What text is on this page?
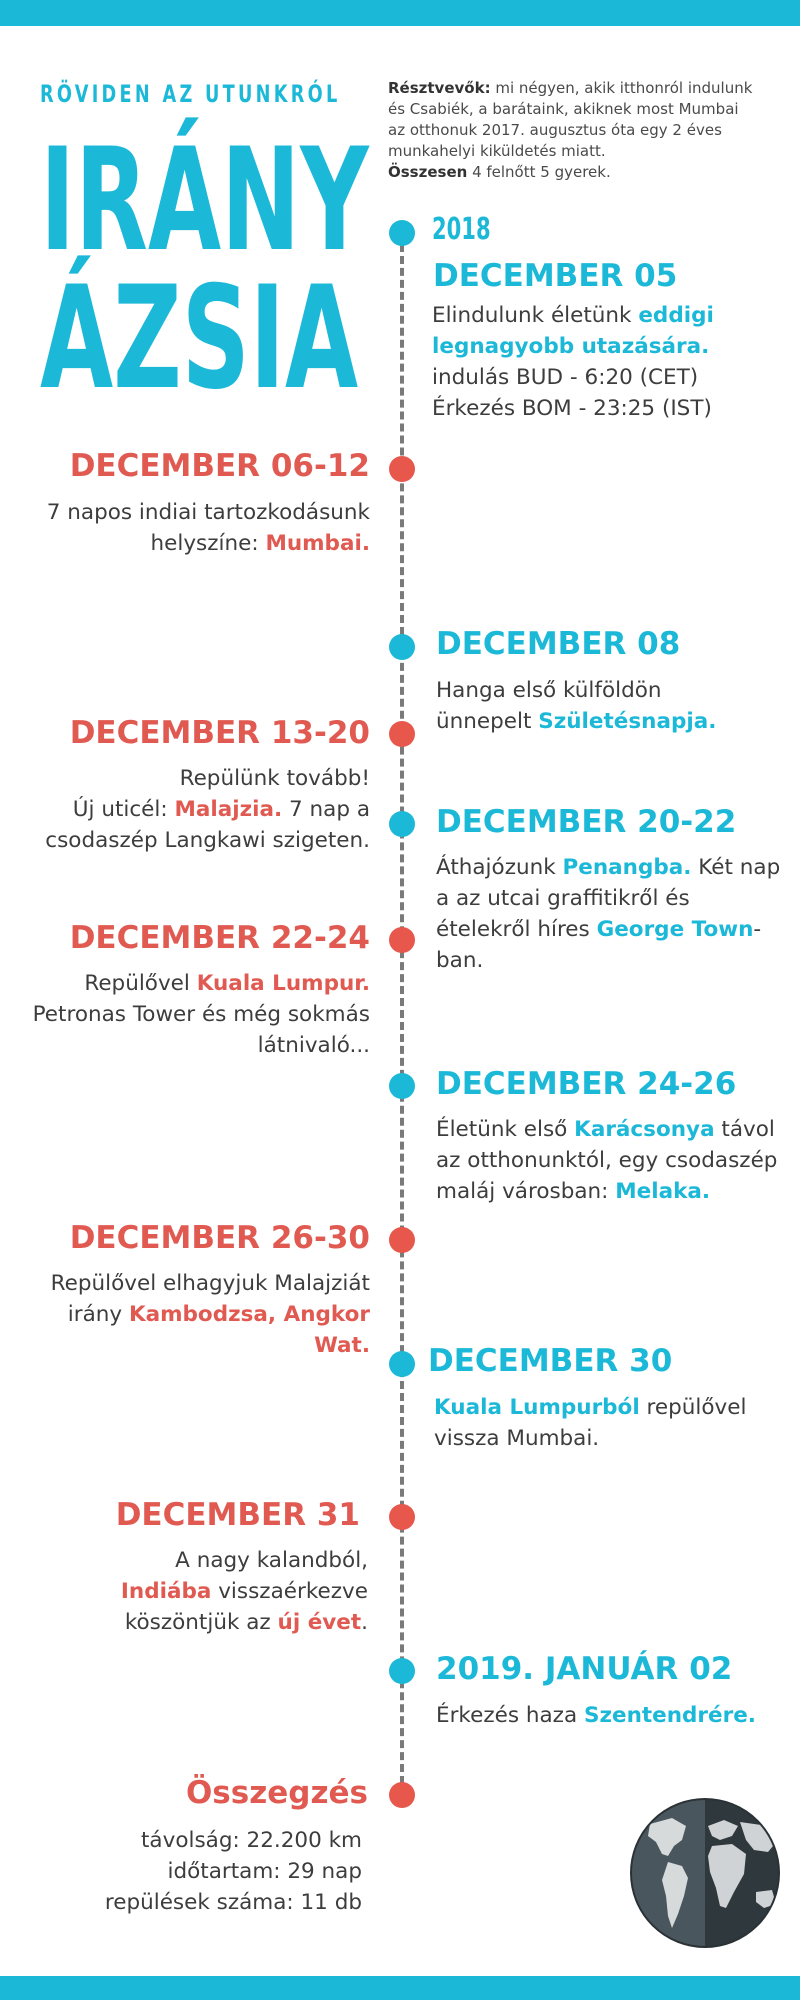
RÖVIDEN AZ UTUNKRÓL
IRÁNY
ÁZSIA
Résztvevők: mi négyen, akik itthonról indulunk és Csabiék, a barátaink, akiknek most Mumbai az otthonuk 2017. augusztus óta egy 2 éves munkahelyi kiküldetés miatt.
Összesen 4 felnőtt 5 gyerek.
2018
DECEMBER 05
Elindulunk életünk eddigi legnagyobb utazására.
indulás BUD - 6:20 (CET)
Érkezés BOM - 23:25 (IST)
DECEMBER 06-12
7 napos indiai tartozkodásunk helyszíne: Mumbai.
DECEMBER 08
Hanga első külföldön ünnepelt Születésnapja.
DECEMBER 13-20
Repülünk tovább!
Új uticél: Malajzia. 7 nap a csodaszép Langkawi szigeten.
DECEMBER 20-22
Áthajózunk Penangba. Két nap a az utcai graffitikről és ételekről híres George Town-ban.
DECEMBER 22-24
Repülővel Kuala Lumpur. Petronas Tower és még sokmás látnivaló...
DECEMBER 24-26
Életünk első Karácsonya távol az otthonunktól, egy csodaszép maláj városban: Melaka.
DECEMBER 26-30
Repülővel elhagyjuk Malajziát irány Kambodzsa, Angkor Wat. DECEMBER 30
Kuala Lumpurból repülővel vissza Mumbai.
DECEMBER 31
A nagy kalandból, Indiába visszaérkezve köszöntjük az új évet.
2019. JANUÁR 02
Érkezés haza Szentendrére.
Összegzés
távolság: 22.200 km
időtartam: 29 nap
repülések száma: 11 db
